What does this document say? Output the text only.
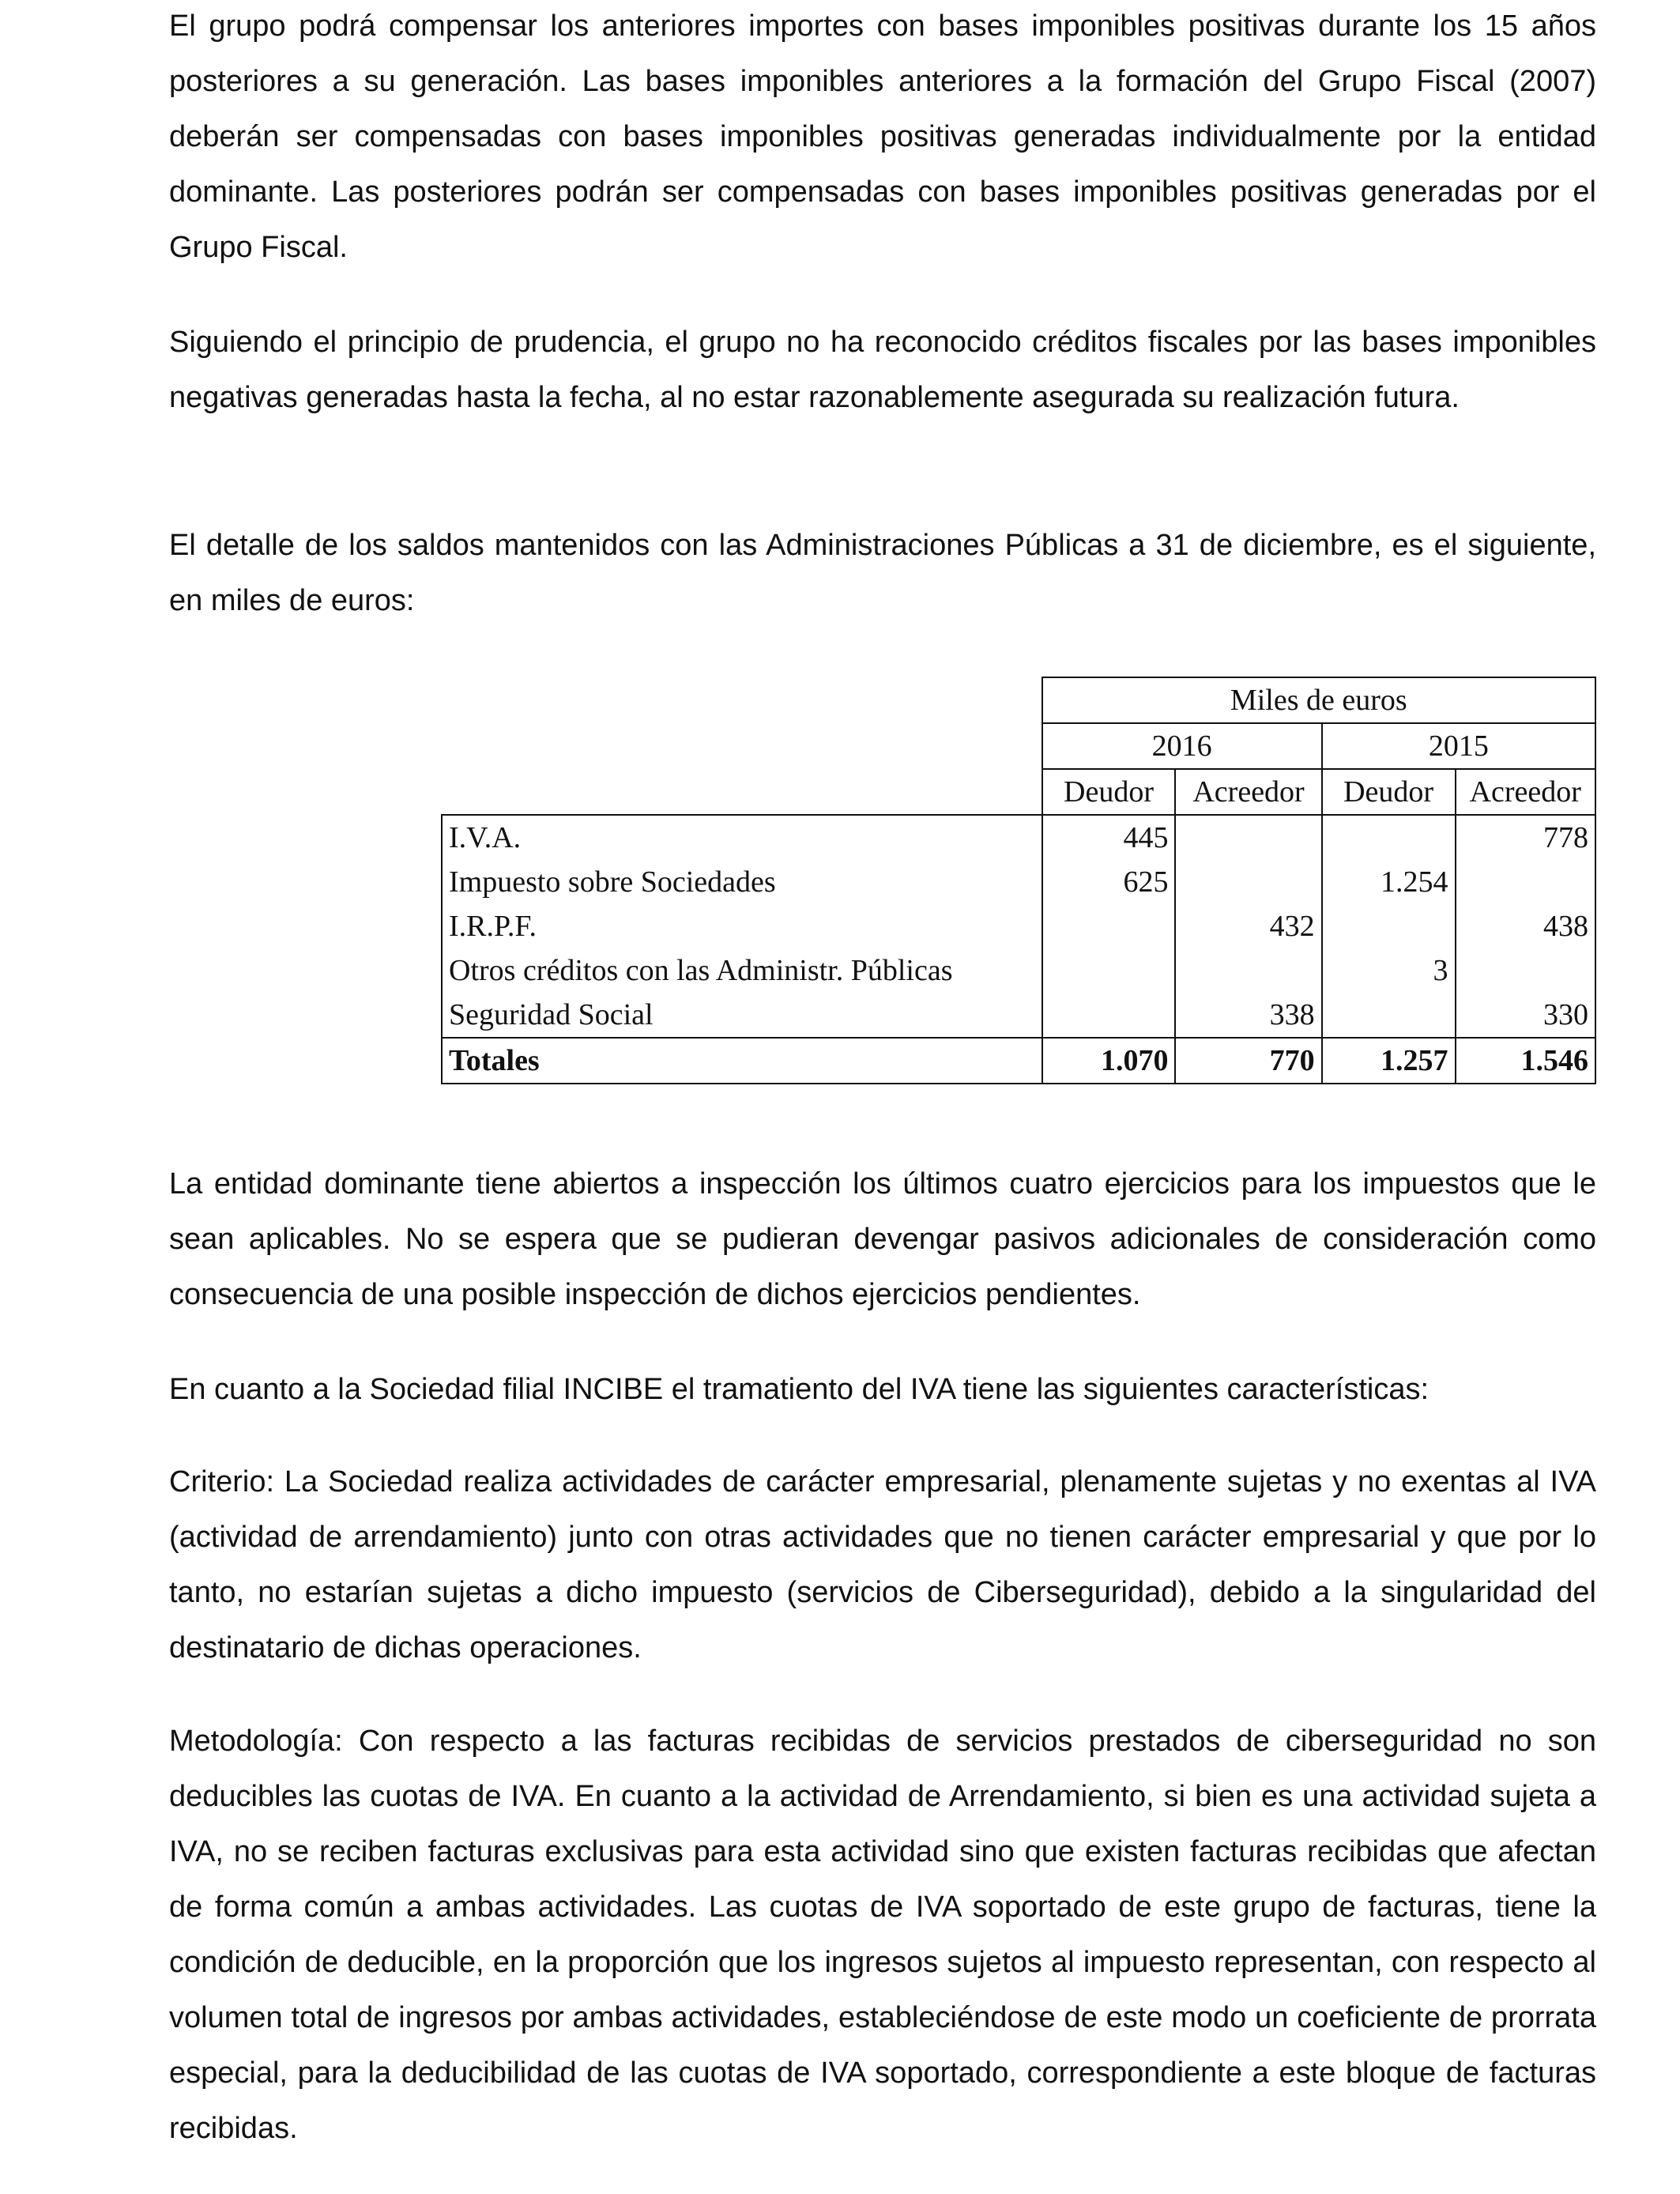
El grupo podrá compensar los anteriores importes con bases imponibles positivas durante los 15 años posteriores a su generación. Las bases imponibles anteriores a la formación del Grupo Fiscal (2007) deberán ser compensadas con bases imponibles positivas generadas individualmente por la entidad dominante. Las posteriores podrán ser compensadas con bases imponibles positivas generadas por el Grupo Fiscal.

Siguiendo el principio de prudencia, el grupo no ha reconocido créditos fiscales por las bases imponibles negativas generadas hasta la fecha, al no estar razonablemente asegurada su realización futura.

El detalle de los saldos mantenidos con las Administraciones Públicas a 31 de diciembre, es el siguiente, en miles de euros:

	Miles de euros			
	2016		2015	
	Deudor	Acreedor	Deudor	Acreedor
I.V.A.	445			778
Impuesto sobre Sociedades	625		1.254	
I.R.P.F.		432		438
Otros créditos con las Administr. Públicas			3	
Seguridad Social		338		330
Totales	1.070	770	1.257	1.546

La entidad dominante tiene abiertos a inspección los últimos cuatro ejercicios para los impuestos que le sean aplicables. No se espera que se pudieran devengar pasivos adicionales de consideración como consecuencia de una posible inspección de dichos ejercicios pendientes.

En cuanto a la Sociedad filial INCIBE el tramatiento del IVA tiene las siguientes características:

Criterio: La Sociedad realiza actividades de carácter empresarial, plenamente sujetas y no exentas al IVA (actividad de arrendamiento) junto con otras actividades que no tienen carácter empresarial y que por lo tanto, no estarían sujetas a dicho impuesto (servicios de Ciberseguridad), debido a la singularidad del destinatario de dichas operaciones.

Metodología: Con respecto a las facturas recibidas de servicios prestados de ciberseguridad no son deducibles las cuotas de IVA. En cuanto a la actividad de Arrendamiento, si bien es una actividad sujeta a IVA, no se reciben facturas exclusivas para esta actividad sino que existen facturas recibidas que afectan de forma común a ambas actividades. Las cuotas de IVA soportado de este grupo de facturas, tiene la condición de deducible, en la proporción que los ingresos sujetos al impuesto representan, con respecto al volumen total de ingresos por ambas actividades, estableciéndose de este modo un coeficiente de prorrata especial, para la deducibilidad de las cuotas de IVA soportado, correspondiente a este bloque de facturas recibidas.
